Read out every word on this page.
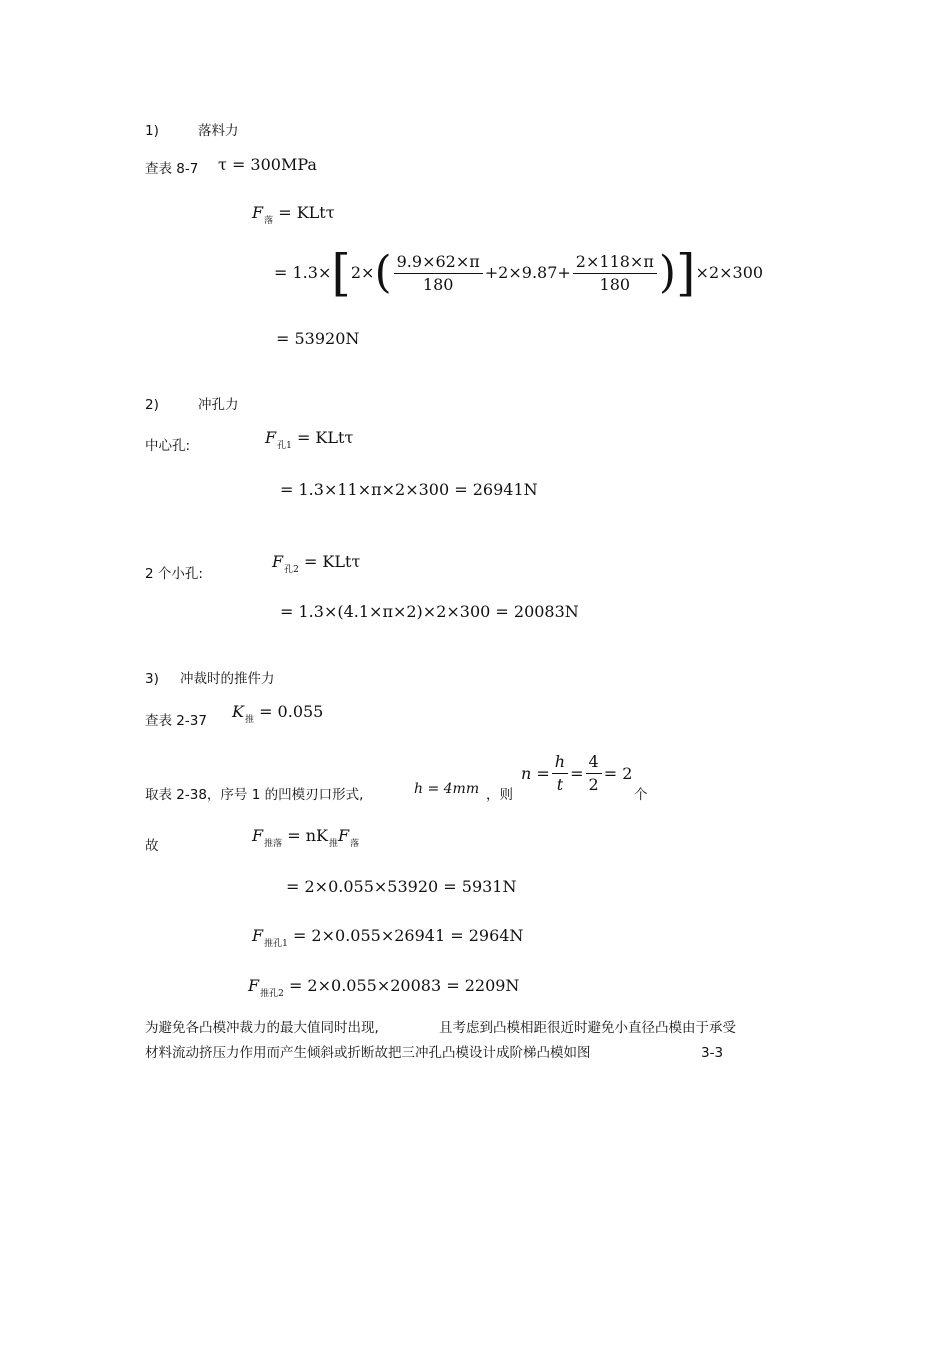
1)	落料力
查表 8-7 τ = 300MPa
$F_落 = KLt\tau$
= 1.3× [ 2× ( $\frac{9.9\times 62\times\pi}{180} +2\times 9.87+ \frac{2\times 118\times\pi}{180}$ ) ] ×2×300
= 53920N
2)	冲孔力
中心孔:	$F_{孔1} = KLt\tau$
= 1.3×11×π×2×300 = 26941N
$F_{孔2} = KLt\tau$
2 个小孔:
= 1.3×(4.1×π×2)×2×300 = 20083N
3) 冲裁时的推件力
查表 2-37 $K_推 = 0.055$
取表 2-38，序号 1 的凹模刃口形式,	h = 4mm ，则
$n = \frac{h}{t} = \frac{4}{2} = 2$
个
故
$F_{推落} = nK_推F_落$
= 2×0.055×53920 = 5931N
$F_{推孔1} = 2\times 0.055\times 26941 = 2964N$
$F_{推孔2} = 2\times 0.055\times 20083 = 2209N$
为避免各凸模冲裁力的最大值同时出现,	且考虑到凸模相距很近时避免小直径凸模由于承受
材料流动挤压力作用而产生倾斜或折断故把三冲孔凸模设计成阶梯凸模如图	3-3
